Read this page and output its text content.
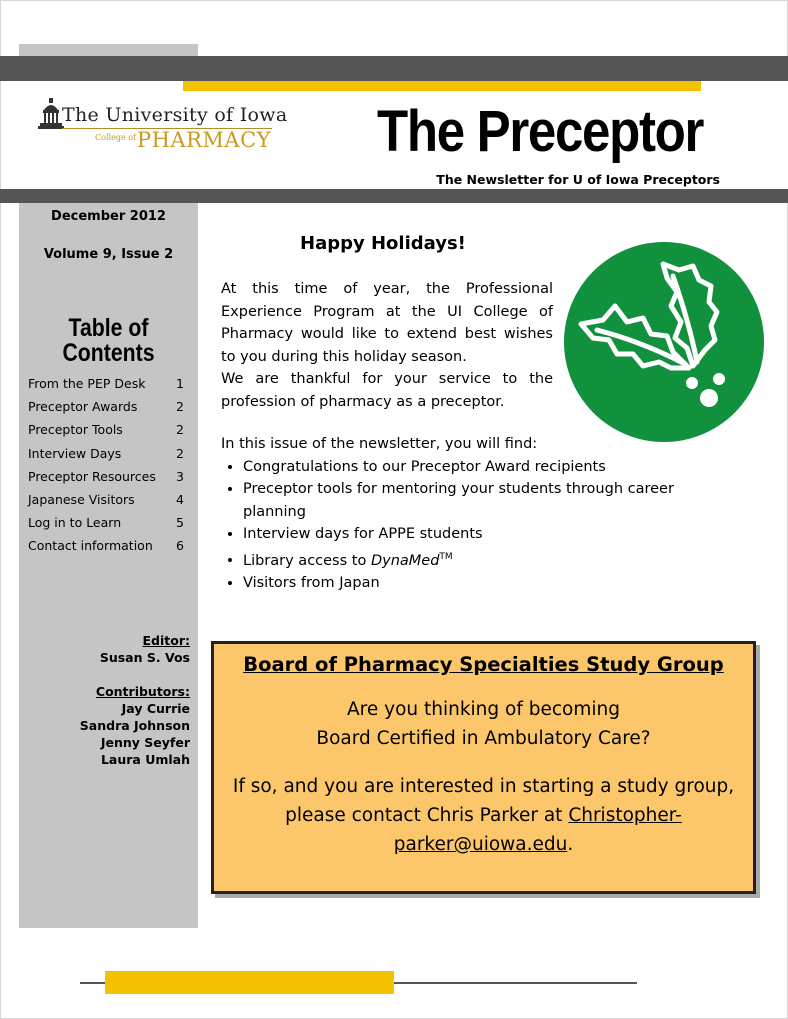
The University of Iowa
College of PHARMACY The Preceptor
The Newsletter for U of Iowa Preceptors
December 2012
Volume 9, Issue 2
Table of
Contents
From the PEP Desk 1
Preceptor Awards	2
Preceptor Tools	2
Interview Days	2
Preceptor Resources 3
Japanese Visitors	4
Log in to Learn	5
Contact information 6
Editor:
Susan S. Vos
Contributors:
Jay Currie
Sandra Johnson
Jenny Seyfer
Laura Umlah
Happy Holidays!

At this time of year, the Professional Experience Program at the UI College of Pharmacy would like to extend best wishes to you during this holiday season.

We are thankful for your service to the profession of pharmacy as a preceptor.

In this issue of the newsletter, you will find:
• Congratulations to our Preceptor Award recipients
• Preceptor tools for mentoring your students through career planning
• Interview days for APPE students
• Library access to DynaMed™
• Visitors from Japan
Board of Pharmacy Specialties Study Group
Are you thinking of becoming
Board Certified in Ambulatory Care?
If so, and you are interested in starting a study group, please contact Chris Parker at Christopher-parker@uiowa.edu.
